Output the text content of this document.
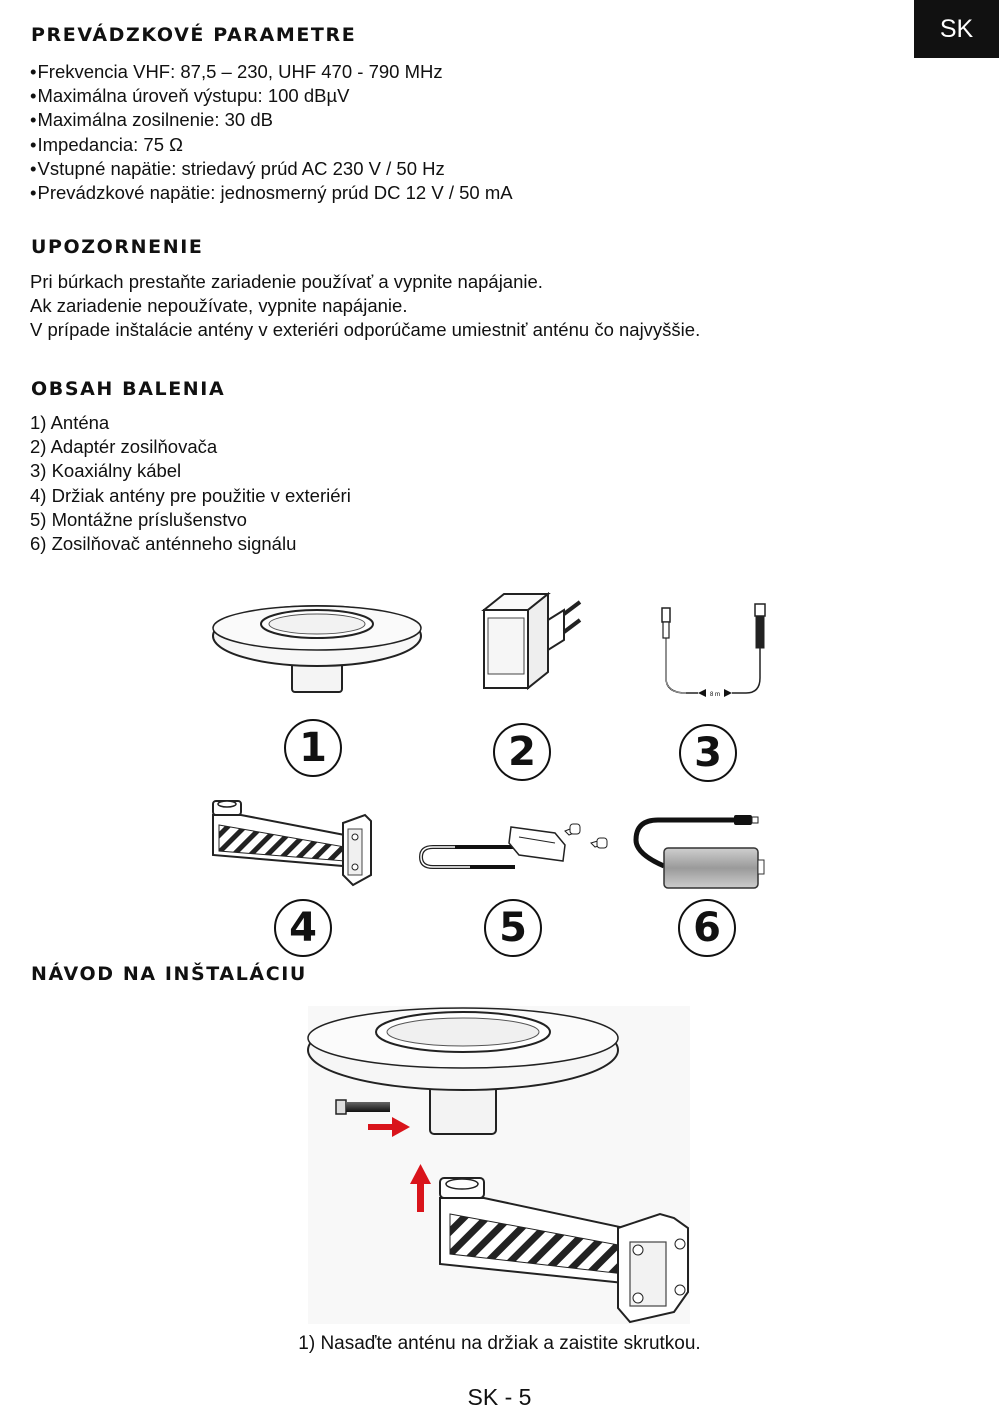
SK
PREVÁDZKOVÉ PARAMETRE
• Frekvencia VHF: 87,5 – 230, UHF 470 - 790 MHz
• Maximálna úroveň výstupu: 100 dBµV
• Maximálna zosilnenie: 30 dB
• Impedancia: 75 Ω
• Vstupné napätie: striedavý prúd AC 230 V / 50 Hz
• Prevádzkové napätie: jednosmerný prúd DC 12 V / 50 mA
UPOZORNENIE
Pri búrkach prestaňte zariadenie používať a vypnite napájanie.
Ak zariadenie nepoužívate, vypnite napájanie.
V prípade inštalácie antény v exteriéri odporúčame umiestniť anténu čo najvyššie.
OBSAH BALENIA
1) Anténa
2) Adaptér zosilňovača
3) Koaxiálny kábel
4) Držiak antény pre použitie v exteriéri
5) Montážne príslušenstvo
6) Zosilňovač anténneho signálu
1	2
8 m
3
4	5	6
NÁVOD NA INŠTALÁCIU
1) Nasaďte anténu na držiak a zaistite skrutkou.
SK - 5
